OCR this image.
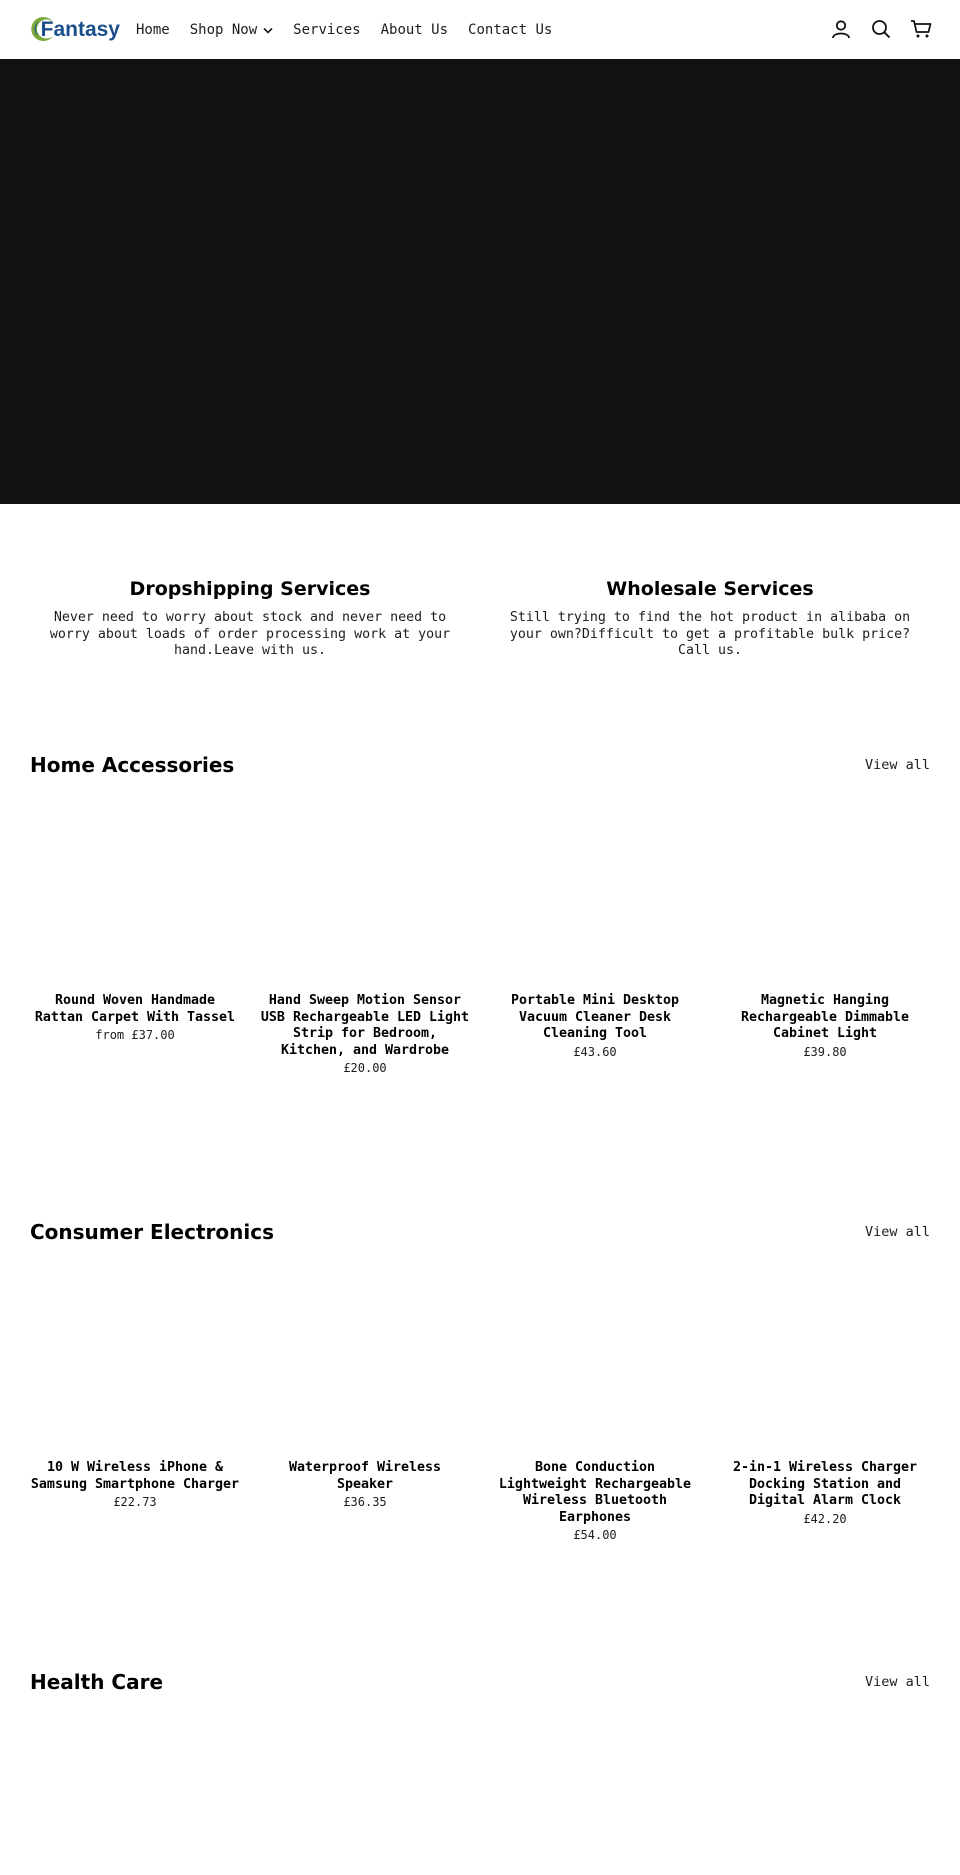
Fantasy Home Shop Now	Services About Us Contact Us
Dropshipping Services

Never need to worry about stock and never need to worry about loads of order processing work at your hand.Leave with us.

Wholesale Services

Still trying to find the hot product in alibaba on your own?Difficult to get a profitable bulk price? Call us.

Home Accessories	View all
Round Woven Handmade Rattan Carpet With Tassel
from £37.00
Hand Sweep Motion Sensor USB Rechargeable LED Light Strip for Bedroom, Kitchen, and Wardrobe
£20.00
Portable Mini Desktop Vacuum Cleaner Desk Cleaning Tool
£43.60
Magnetic Hanging Rechargeable Dimmable Cabinet Light
£39.80
Consumer Electronics	View all
10 W Wireless iPhone & Samsung Smartphone Charger
£22.73
Waterproof Wireless Speaker
£36.35
Bone Conduction Lightweight Rechargeable Wireless Bluetooth Earphones
£54.00
2-in-1 Wireless Charger Docking Station and Digital Alarm Clock
£42.20
Health Care	View all
